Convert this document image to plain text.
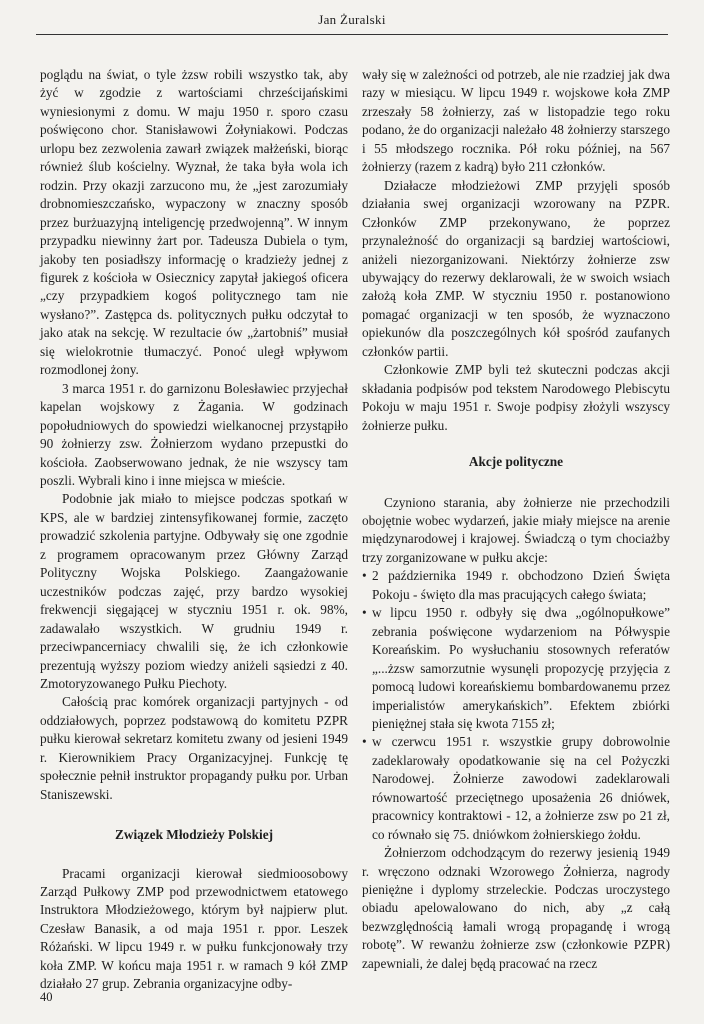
Jan Żuralski

poglądu na świat, o tyle żzsw robili wszystko tak, aby żyć w zgodzie z wartościami chrześcijańskimi wyniesionymi z domu. W maju 1950 r. sporo czasu poświęcono chor. Stanisławowi Żołyniakowi. Podczas urlopu bez zezwolenia zawarł związek małżeński, biorąc również ślub kościelny. Wyznał, że taka była wola ich rodzin. Przy okazji zarzucono mu, że „jest zarozumiały drobnomieszczańsko, wypaczony w znaczny sposób przez burżuazyjną inteligencję przedwojenną”. W innym przypadku niewinny żart por. Tadeusza Dubiela o tym, jakoby ten posiadłszy informację o kradzieży jednej z figurek z kościoła w Osiecznicy zapytał jakiegoś oficera „czy przypadkiem kogoś politycznego tam nie wysłano?”. Zastępca ds. politycznych pułku odczytał to jako atak na sekcję. W rezultacie ów „żartobniś” musiał się wielokrotnie tłumaczyć. Ponoć uległ wpływom rozmodlonej żony.

3 marca 1951 r. do garnizonu Bolesławiec przyjechał kapelan wojskowy z Żagania. W godzinach popołudniowych do spowiedzi wielkanocnej przystąpiło 90 żołnierzy zsw. Żołnierzom wydano przepustki do kościoła. Zaobserwowano jednak, że nie wszyscy tam poszli. Wybrali kino i inne miejsca w mieście.

Podobnie jak miało to miejsce podczas spotkań w KPS, ale w bardziej zintensyfikowanej formie, zaczęto prowadzić szkolenia partyjne. Odbywały się one zgodnie z programem opracowanym przez Główny Zarząd Polityczny Wojska Polskiego. Zaangażowanie uczestników podczas zajęć, przy bardzo wysokiej frekwencji sięgającej w styczniu 1951 r. ok. 98%, zadawalało wszystkich. W grudniu 1949 r. przeciwpancerniacy chwalili się, że ich członkowie prezentują wyższy poziom wiedzy aniżeli sąsiedzi z 40. Zmotoryzowanego Pułku Piechoty.

Całością prac komórek organizacji partyjnych - od oddziałowych, poprzez podstawową do komitetu PZPR pułku kierował sekretarz komitetu zwany od jesieni 1949 r. Kierownikiem Pracy Organizacyjnej. Funkcję tę społecznie pełnił instruktor propagandy pułku por. Urban Staniszewski.

Związek Młodzieży Polskiej

Pracami organizacji kierował siedmioosobowy Zarząd Pułkowy ZMP pod przewodnictwem etatowego Instruktora Młodzieżowego, którym był najpierw plut. Czesław Banasik, a od maja 1951 r. ppor. Leszek Różański. W lipcu 1949 r. w pułku funkcjonowały trzy koła ZMP. W końcu maja 1951 r. w ramach 9 kół ZMP działało 27 grup. Zebrania organizacyjne odby-

wały się w zależności od potrzeb, ale nie rzadziej jak dwa razy w miesiącu. W lipcu 1949 r. wojskowe koła ZMP zrzeszały 58 żołnierzy, zaś w listopadzie tego roku podano, że do organizacji należało 48 żołnierzy starszego i 55 młodszego rocznika. Pół roku później, na 567 żołnierzy (razem z kadrą) było 211 członków.

Działacze młodzieżowi ZMP przyjęli sposób działania swej organizacji wzorowany na PZPR. Członków ZMP przekonywano, że poprzez przynależność do organizacji są bardziej wartościowi, aniżeli niezorganizowani. Niektórzy żołnierze zsw ubywający do rezerwy deklarowali, że w swoich wsiach założą koła ZMP. W styczniu 1950 r. postanowiono pomagać organizacji w ten sposób, że wyznaczono opiekunów dla poszczególnych kół spośród zaufanych członków partii.

Członkowie ZMP byli też skuteczni podczas akcji składania podpisów pod tekstem Narodowego Plebiscytu Pokoju w maju 1951 r. Swoje podpisy złożyli wszyscy żołnierze pułku.

Akcje polityczne

Czyniono starania, aby żołnierze nie przechodzili obojętnie wobec wydarzeń, jakie miały miejsce na arenie międzynarodowej i krajowej. Świadczą o tym chociażby trzy zorganizowane w pułku akcje:

• 2 października 1949 r. obchodzono Dzień Święta Pokoju - święto dla mas pracujących całego świata;
• w lipcu 1950 r. odbyły się dwa „ogólnopułkowe” zebrania poświęcone wydarzeniom na Półwyspie Koreańskim. Po wysłuchaniu stosownych referatów „...żzsw samorzutnie wysunęli propozycję przyjęcia z pomocą ludowi koreańskiemu bombardowanemu przez imperialistów amerykańskich”. Efektem zbiórki pieniężnej stała się kwota 7155 zł;
• w czerwcu 1951 r. wszystkie grupy dobrowolnie zadeklarowały opodatkowanie się na cel Pożyczki Narodowej. Żołnierze zawodowi zadeklarowali równowartość przeciętnego uposażenia 26 dniówek, pracownicy kontraktowi - 12, a żołnierze zsw po 21 zł, co równało się 75. dniówkom żołnierskiego żołdu.

Żołnierzom odchodzącym do rezerwy jesienią 1949 r. wręczono odznaki Wzorowego Żołnierza, nagrody pieniężne i dyplomy strzeleckie. Podczas uroczystego obiadu apelowalowano do nich, aby „z całą bezwzględnością łamali wrogą propagandę i wrogą robotę”. W rewanżu żołnierze zsw (członkowie PZPR) zapewniali, że dalej będą pracować na rzecz

40
